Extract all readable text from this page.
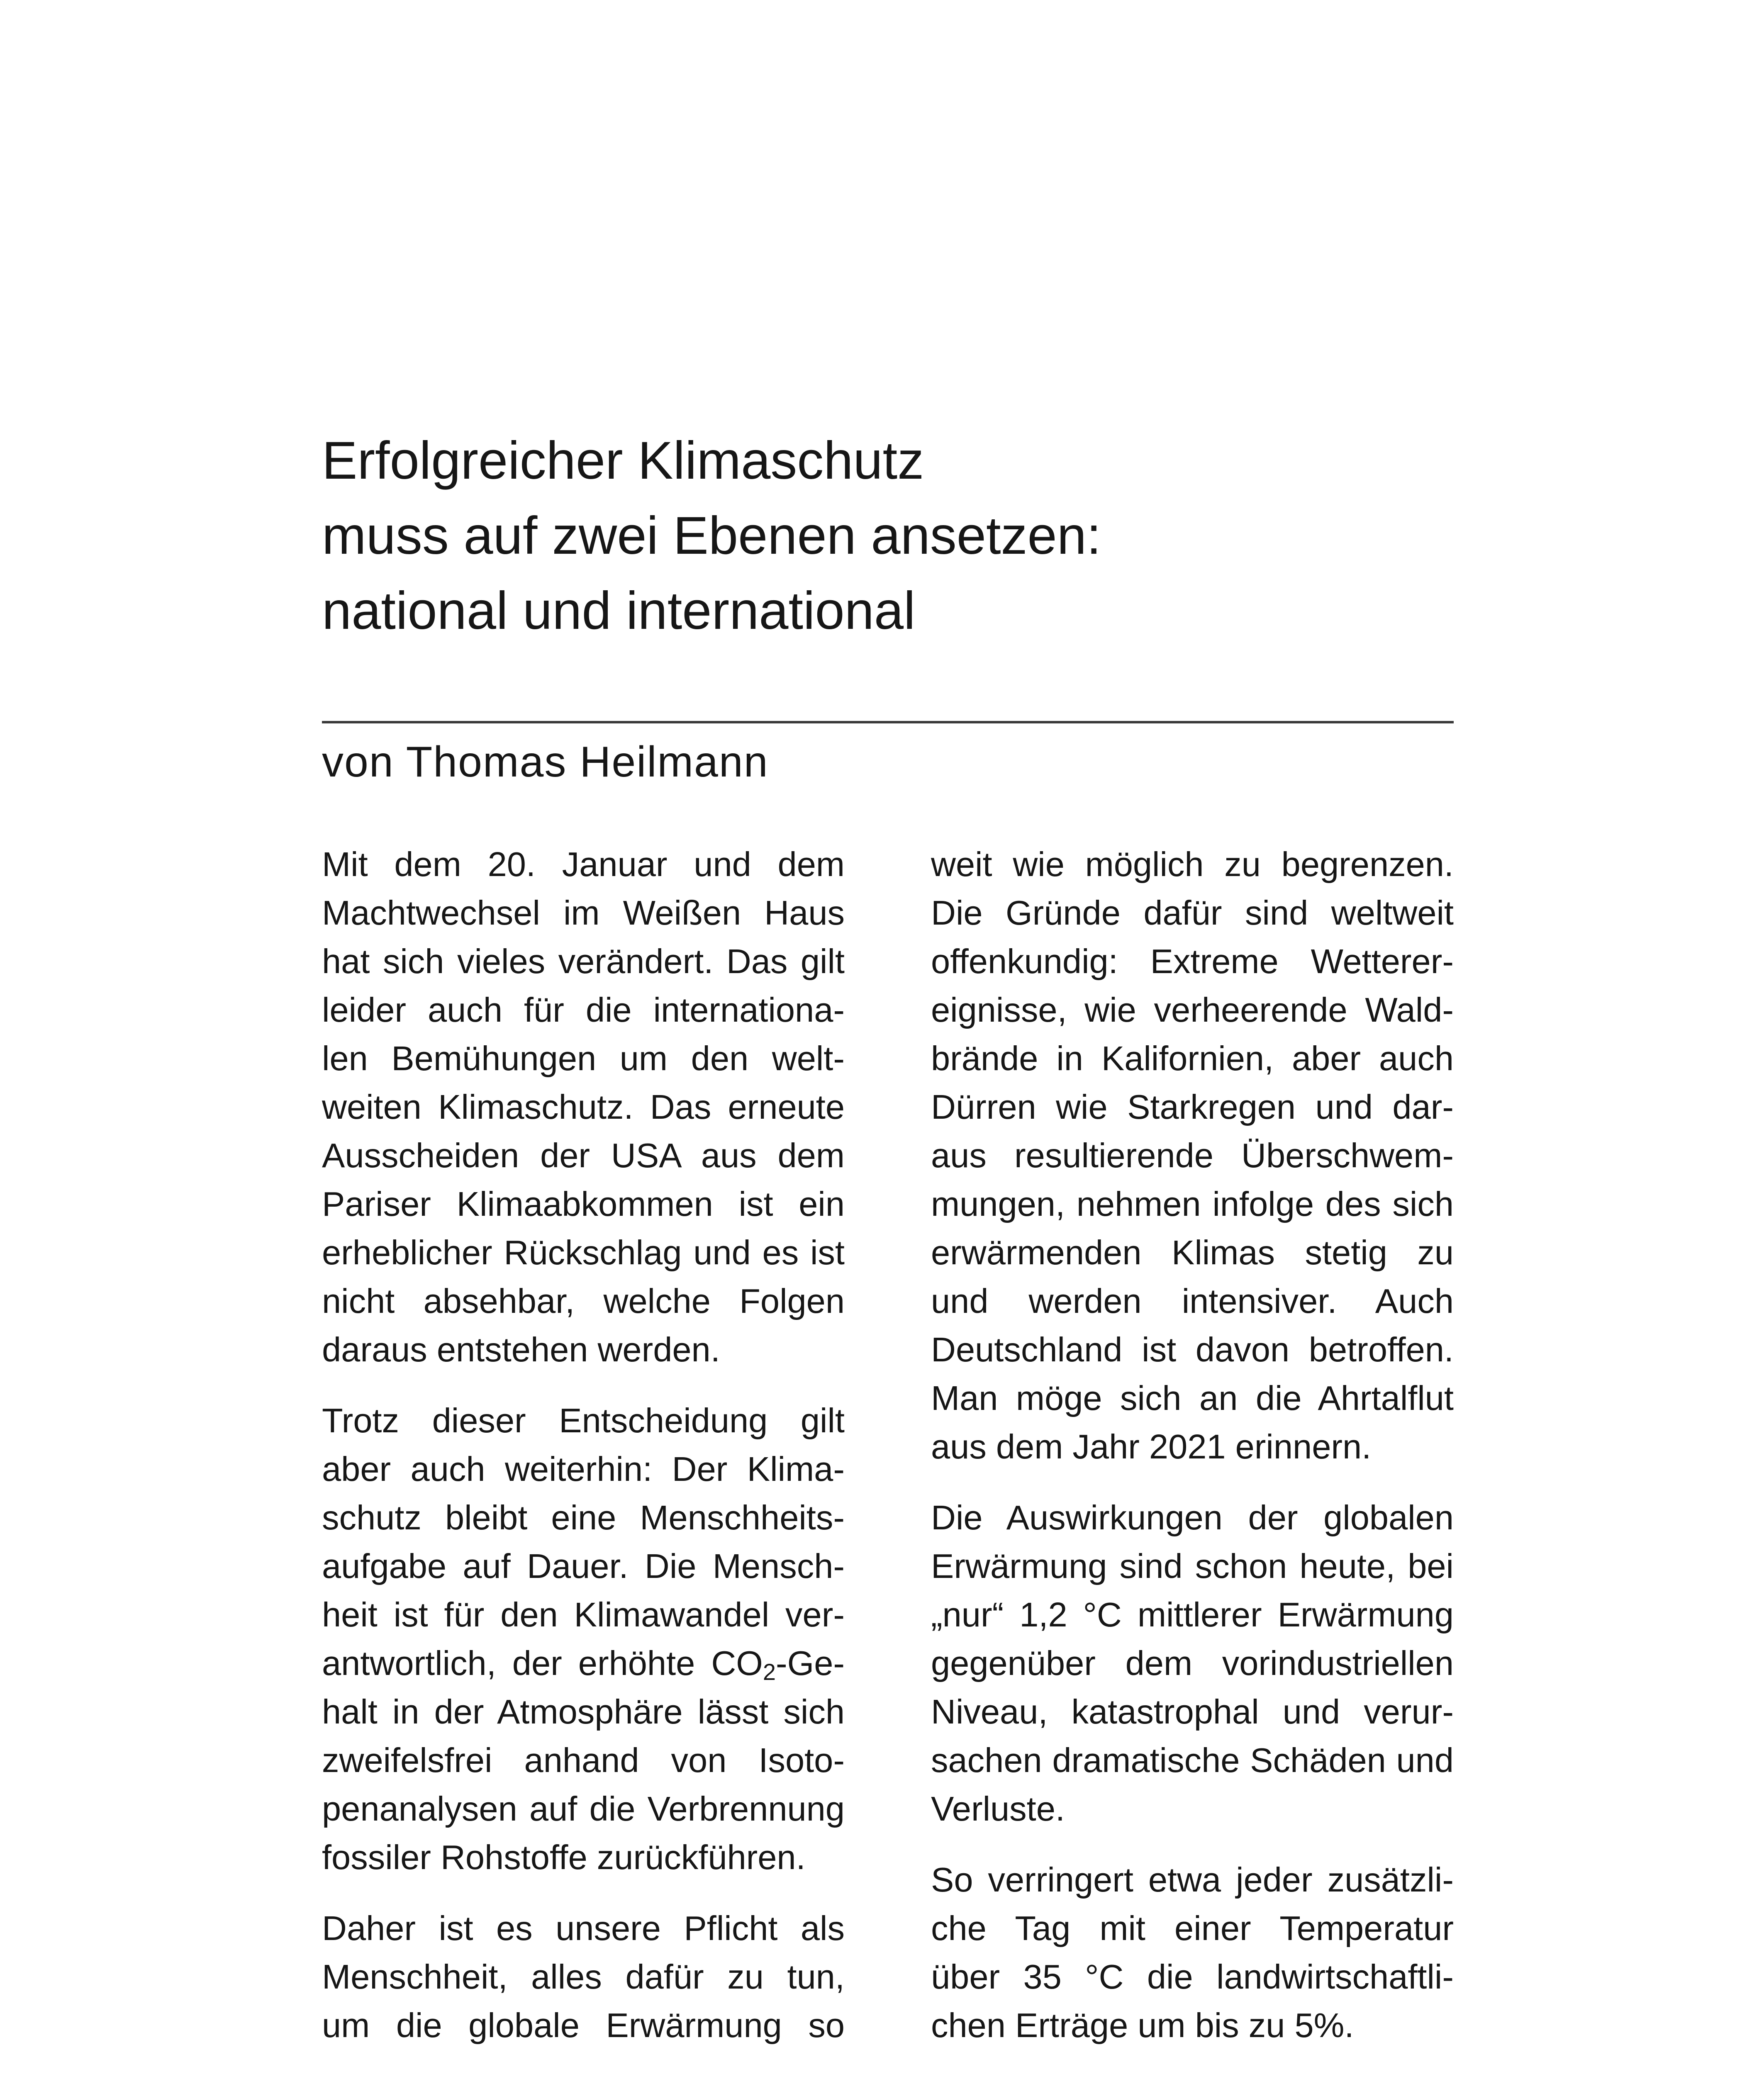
Erfolgreicher Klimaschutz
muss auf zwei Ebenen ansetzen:
national und international
von Thomas Heilmann
Mit dem 20. Januar und dem
Machtwechsel im Weißen Haus
hat sich vieles verändert. Das gilt
leider auch für die internationa-
len Bemühungen um den welt-
weiten Klimaschutz. Das erneute
Ausscheiden der USA aus dem
Pariser Klimaabkommen ist ein
erheblicher Rückschlag und es ist
nicht absehbar, welche Folgen
daraus entstehen werden.
Trotz dieser Entscheidung gilt
aber auch weiterhin: Der Klima-
schutz bleibt eine Menschheits-
aufgabe auf Dauer. Die Mensch-
heit ist für den Klimawandel ver-
antwortlich, der erhöhte $CO_2-Ge-$
halt in der Atmosphäre lässt sich
zweifelsfrei anhand von Isoto-
penanalysen auf die Verbrennung
fossiler Rohstoffe zurückführen.
Daher ist es unsere Pflicht als
Menschheit, alles dafür zu tun,
um die globale Erwärmung so
weit wie möglich zu begrenzen.
Die Gründe dafür sind weltweit
offenkundig: Extreme Wetterer-
eignisse, wie verheerende Wald-
brände in Kalifornien, aber auch
Dürren wie Starkregen und dar-
aus resultierende Überschwem-
mungen, nehmen infolge des sich
erwärmenden Klimas stetig zu
und werden intensiver. Auch
Deutschland ist davon betroffen.
Man möge sich an die Ahrtalflut
aus dem Jahr 2021 erinnern.
Die Auswirkungen der globalen
Erwärmung sind schon heute, bei
„nur“ 1,2 °C mittlerer Erwärmung
gegenüber dem vorindustriellen
Niveau, katastrophal und verur-
sachen dramatische Schäden und
Verluste.
So verringert etwa jeder zusätzli-
che Tag mit einer Temperatur
über 35 °C die landwirtschaftli-
chen Erträge um bis zu 5%.
